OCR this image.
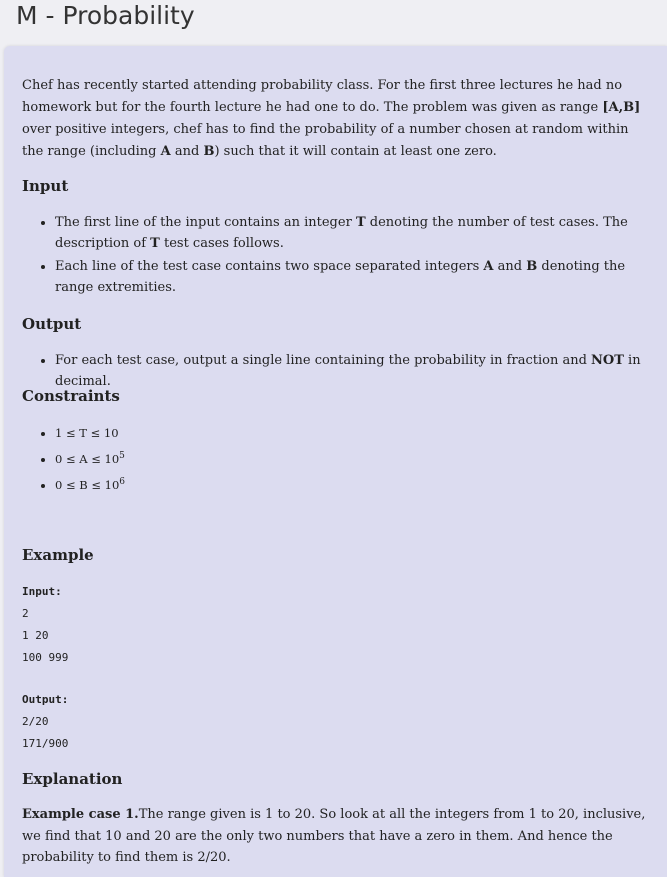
M - Probability

Chef has recently started attending probability class. For the first three lectures he had no homework but for the fourth lecture he had one to do. The problem was given as range [A,B] over positive integers, chef has to find the probability of a number chosen at random within the range (including A and B) such that it will contain at least one zero.

Input
• The first line of the input contains an integer T denoting the number of test cases. The description of T test cases follows.
• Each line of the test case contains two space separated integers A and B denoting the range extremities.
Output
• For each test case, output a single line containing the probability in fraction and NOT in decimal.
Constraints
• 1 ≤ T ≤ 10
• $0 \le A \le 10^5$
• $0 \le B \le 10^6$
Example
Input:
2
1 20
100 999
Output:
2/20
171/900
Explanation

Example case 1.The range given is 1 to 20. So look at all the integers from 1 to 20, inclusive, we find that 10 and 20 are the only two numbers that have a zero in them. And hence the probability to find them is 2/20.
